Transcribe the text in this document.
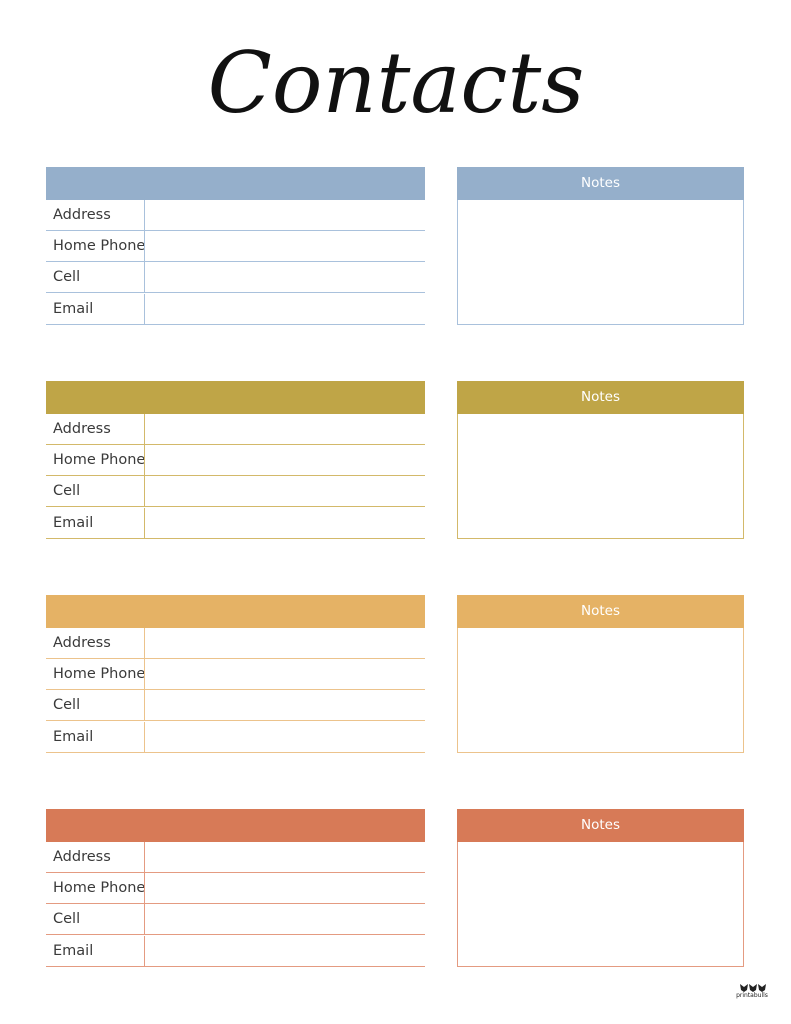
Contacts
Address
Home Phone
Cell
Email
Notes
Address
Home Phone
Cell
Email
Notes
Address
Home Phone
Cell
Email
Notes
Address
Home Phone
Cell
Email
Notes
printabulls
